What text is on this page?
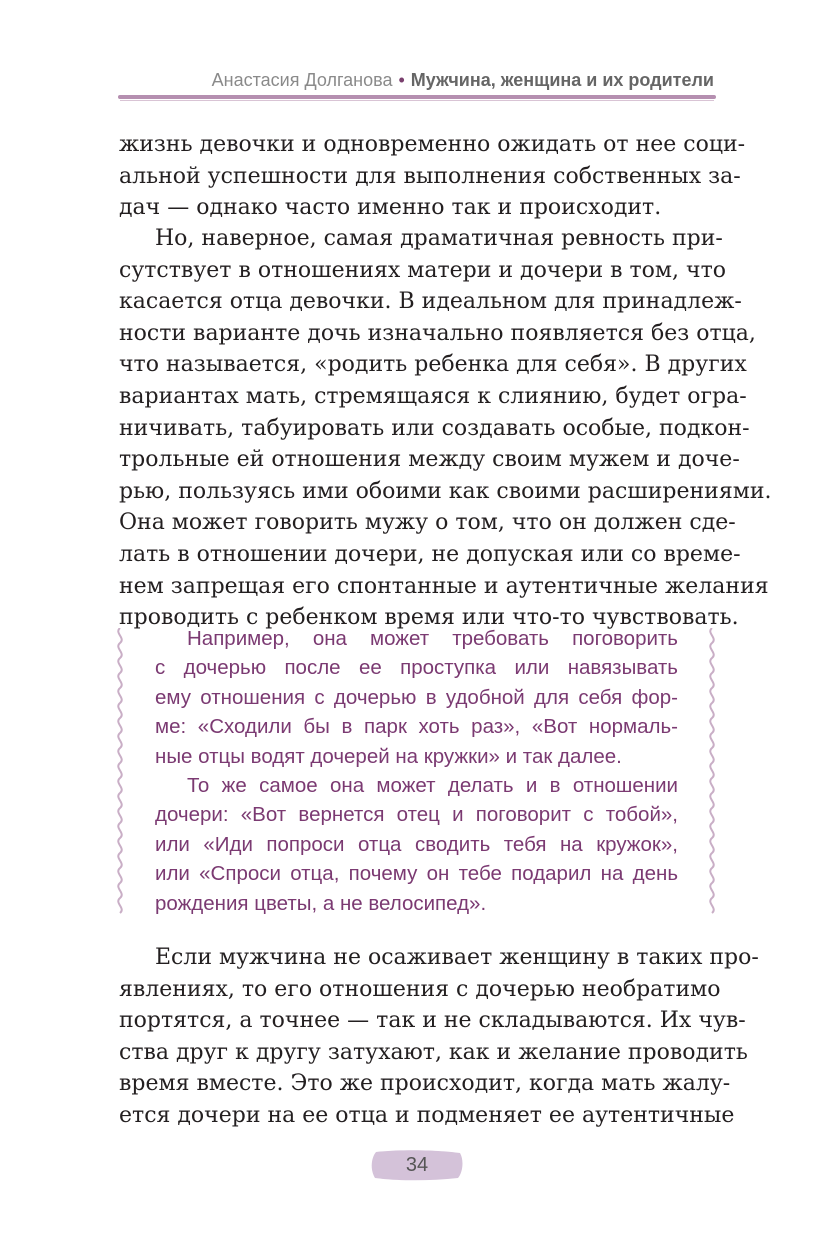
Анастасия Долганова • Мужчина, женщина и их родители
жизнь девочки и одновременно ожидать от нее соци-
альной успешности для выполнения собственных за-
дач — однако часто именно так и происходит.
Но, наверное, самая драматичная ревность при-
сутствует в отношениях матери и дочери в том, что
касается отца девочки. В идеальном для принадлеж-
ности варианте дочь изначально появляется без отца,
что называется, «родить ребенка для себя». В других
вариантах мать, стремящаяся к слиянию, будет огра-
ничивать, табуировать или создавать особые, подкон-
трольные ей отношения между своим мужем и доче-
рью, пользуясь ими обоими как своими расширениями.
Она может говорить мужу о том, что он должен сде-
лать в отношении дочери, не допуская или со време-
нем запрещая его спонтанные и аутентичные желания
проводить с ребенком время или что-то чувствовать.
Например, она может требовать поговорить
с дочерью после ее проступка или навязывать
ему отношения с дочерью в удобной для себя фор-
ме: «Сходили бы в парк хоть раз», «Вот нормаль-
ные отцы водят дочерей на кружки» и так далее.
То же самое она может делать и в отношении
дочери: «Вот вернется отец и поговорит с тобой»,
или «Иди попроси отца сводить тебя на кружок»,
или «Спроси отца, почему он тебе подарил на день
рождения цветы, а не велосипед».
Если мужчина не осаживает женщину в таких про-
явлениях, то его отношения с дочерью необратимо
портятся, а точнее — так и не складываются. Их чув-
ства друг к другу затухают, как и желание проводить
время вместе. Это же происходит, когда мать жалу-
ется дочери на ее отца и подменяет ее аутентичные
34
